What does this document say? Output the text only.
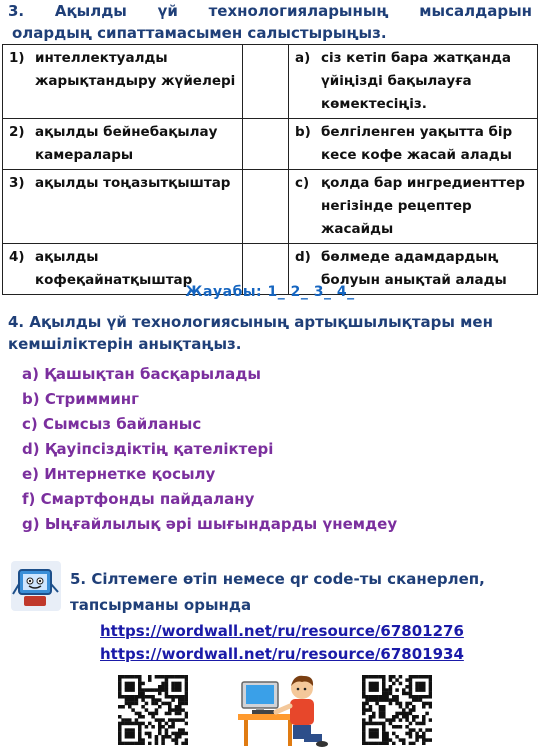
3. Ақылды үй технологияларының мысалдарын
олардың сипаттамасымен салыстырыңыз.
1) интеллектуалды жарықтандыру жүйелері		a) сіз кетіп бара жатқанда үйіңізді бақылауға көмектесіңіз.

2) ақылды бейнебақылау камералары		b) белгіленген уақытта бір кесе кофе жасай алады

3) ақылды тоңазытқыштар		c) қолда бар ингредиенттер негізінде рецептер жасайды

4) ақылды кофеқайнатқыштар		d) бөлмеде адамдардың болуын анықтай алады
Жауабы: 1_ 2_ 3_ 4_
4. Ақылды үй технологиясының артықшылықтары мен
кемшіліктерін анықтаңыз.
а) Қашықтан басқарылады
b) Стримминг
c) Сымсыз байланыс
d) Қауіпсіздіктің қателіктері
e) Интернетке қосылу
f) Смартфонды пайдалану
g) Ыңғайлылық әрі шығындарды үнемдеу
5. Сілтемеге өтіп немесе qr code-ты сканерлеп,
тапсырманы орында
https://wordwall.net/ru/resource/67801276
https://wordwall.net/ru/resource/67801934
